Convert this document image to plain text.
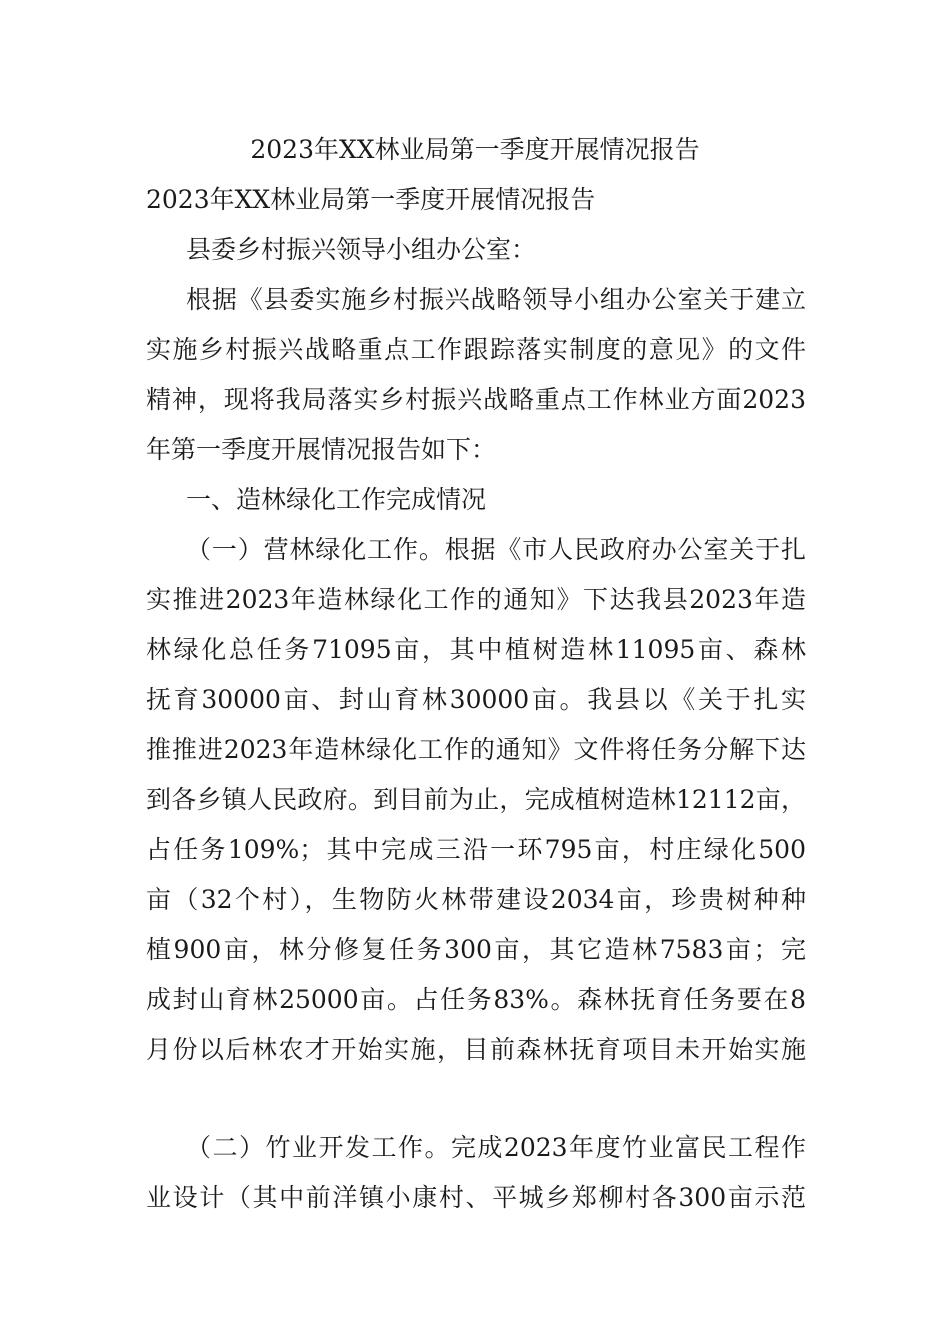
2023年XX林业局第一季度开展情况报告

2023年XX林业局第一季度开展情况报告

县委乡村振兴领导小组办公室：

根据《县委实施乡村振兴战略领导小组办公室关于建立

实施乡村振兴战略重点工作跟踪落实制度的意见》的文件

精神，现将我局落实乡村振兴战略重点工作林业方面2023

年第一季度开展情况报告如下：

一、造林绿化工作完成情况

（一）营林绿化工作。根据《市人民政府办公室关于扎

实推进2023年造林绿化工作的通知》下达我县2023年造

林绿化总任务71095亩，其中植树造林11095亩、森林

抚育30000亩、封山育林30000亩。我县以《关于扎实

推推进2023年造林绿化工作的通知》文件将任务分解下达

到各乡镇人民政府。到目前为止，完成植树造林12112亩，

占任务109%；其中完成三沿一环795亩，村庄绿化500

亩（32个村），生物防火林带建设2034亩，珍贵树种种

植900亩，林分修复任务300亩，其它造林7583亩；完

成封山育林25000亩。占任务83%。森林抚育任务要在8

月份以后林农才开始实施，目前森林抚育项目未开始实施

（二）竹业开发工作。完成2023年度竹业富民工程作

业设计（其中前洋镇小康村、平城乡郑柳村各300亩示范
